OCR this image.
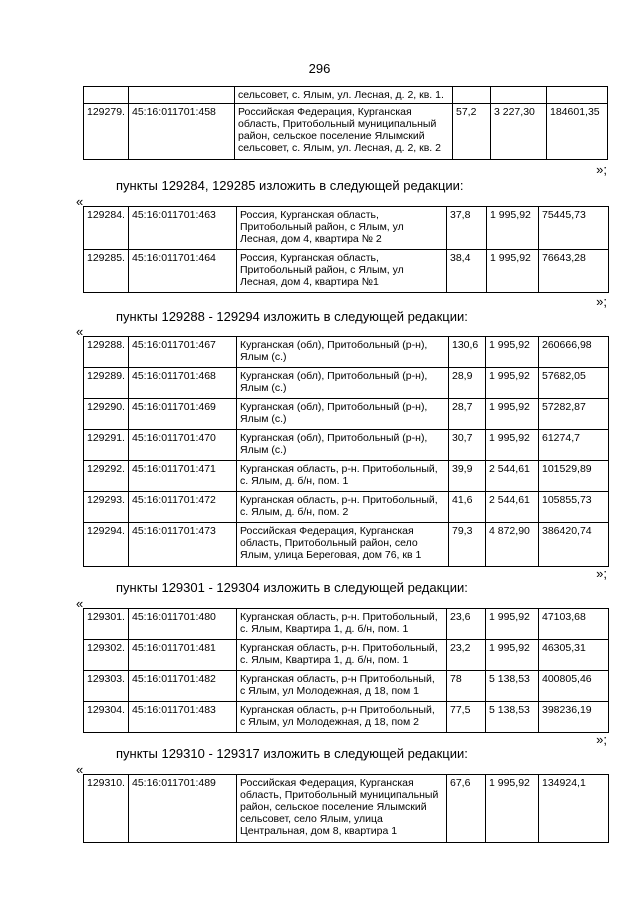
296
		сельсовет, с. Ялым, ул. Лесная, д. 2, кв. 1.			
129279.	45:16:011701:458	Российская Федерация, Курганская
область, Притобольный муниципальный
район, сельское поселение Ялымский
сельсовет, с. Ялым, ул. Лесная, д. 2, кв. 2	57,2	3 227,30	184601,35
»;
пункты 129284, 129285 изложить в следующей редакции:
«
129284.	45:16:011701:463	Россия, Курганская область,
Притобольный район, с Ялым, ул
Лесная, дом 4, квартира № 2	37,8	1 995,92	75445,73
129285.	45:16:011701:464	Россия, Курганская область,
Притобольный район, с Ялым, ул
Лесная, дом 4, квартира №1	38,4	1 995,92	76643,28
»;
пункты 129288 - 129294 изложить в следующей редакции:
«
129288.	45:16:011701:467	Курганская (обл), Притобольный (р-н),
Ялым (с.)	130,6	1 995,92	260666,98
129289.	45:16:011701:468	Курганская (обл), Притобольный (р-н),
Ялым (с.)	28,9	1 995,92	57682,05
129290.	45:16:011701:469	Курганская (обл), Притобольный (р-н),
Ялым (с.)	28,7	1 995,92	57282,87
129291.	45:16:011701:470	Курганская (обл), Притобольный (р-н),
Ялым (с.)	30,7	1 995,92	61274,7
129292.	45:16:011701:471	Курганская область, р-н. Притобольный,
с. Ялым, д. б/н, пом. 1	39,9	2 544,61	101529,89
129293.	45:16:011701:472	Курганская область, р-н. Притобольный,
с. Ялым, д. б/н, пом. 2	41,6	2 544,61	105855,73
129294.	45:16:011701:473	Российская Федерация, Курганская
область, Притобольный район, село
Ялым, улица Береговая, дом 76, кв 1	79,3	4 872,90	386420,74
»;
пункты 129301 - 129304 изложить в следующей редакции:
«
129301.	45:16:011701:480	Курганская область, р-н. Притобольный,
с. Ялым, Квартира 1, д. б/н, пом. 1	23,6	1 995,92	47103,68
129302.	45:16:011701:481	Курганская область, р-н. Притобольный,
с. Ялым, Квартира 1, д. б/н, пом. 1	23,2	1 995,92	46305,31
129303.	45:16:011701:482	Курганская область, р-н Притобольный,
с Ялым, ул Молодежная, д 18, пом 1	78	5 138,53	400805,46
129304.	45:16:011701:483	Курганская область, р-н Притобольный,
с Ялым, ул Молодежная, д 18, пом 2	77,5	5 138,53	398236,19
»;
пункты 129310 - 129317 изложить в следующей редакции:
«
129310.	45:16:011701:489	Российская Федерация, Курганская
область, Притобольный муниципальный
район, сельское поселение Ялымский
сельсовет, село Ялым, улица
Центральная, дом 8, квартира 1	67,6	1 995,92	134924,1
